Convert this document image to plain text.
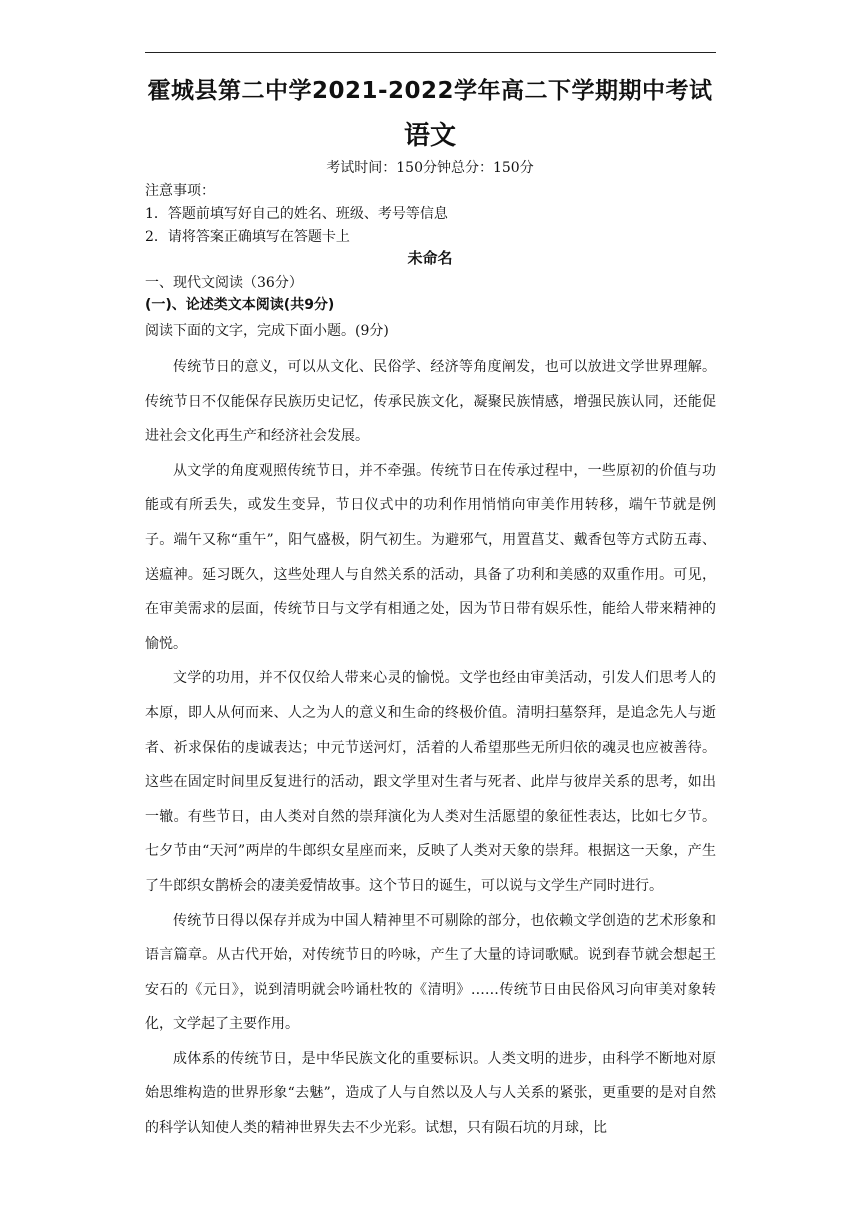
霍城县第二中学2021-2022学年高二下学期期中考试
语文
考试时间：150分钟总分：150分
注意事项：
1．答题前填写好自己的姓名、班级、考号等信息
2．请将答案正确填写在答题卡上
未命名
一、现代文阅读（36分）
(一)、论述类文本阅读(共9分)
阅读下面的文字，完成下面小题。(9分)

传统节日的意义，可以从文化、民俗学、经济等角度阐发，也可以放进文学世界理解。传统节日不仅能保存民族历史记忆，传承民族文化，凝聚民族情感，增强民族认同，还能促进社会文化再生产和经济社会发展。

从文学的角度观照传统节日，并不牵强。传统节日在传承过程中，一些原初的价值与功能或有所丢失，或发生变异，节日仪式中的功利作用悄悄向审美作用转移，端午节就是例子。端午又称“重午”，阳气盛极，阴气初生。为避邪气，用置菖艾、戴香包等方式防五毒、送瘟神。延习既久，这些处理人与自然关系的活动，具备了功利和美感的双重作用。可见，在审美需求的层面，传统节日与文学有相通之处，因为节日带有娱乐性，能给人带来精神的愉悦。

文学的功用，并不仅仅给人带来心灵的愉悦。文学也经由审美活动，引发人们思考人的本原，即人从何而来、人之为人的意义和生命的终极价值。清明扫墓祭拜，是追念先人与逝者、祈求保佑的虔诚表达；中元节送河灯，活着的人希望那些无所归依的魂灵也应被善待。这些在固定时间里反复进行的活动，跟文学里对生者与死者、此岸与彼岸关系的思考，如出一辙。有些节日，由人类对自然的崇拜演化为人类对生活愿望的象征性表达，比如七夕节。七夕节由“天河”两岸的牛郎织女星座而来，反映了人类对天象的崇拜。根据这一天象，产生了牛郎织女鹊桥会的凄美爱情故事。这个节日的诞生，可以说与文学生产同时进行。

传统节日得以保存并成为中国人精神里不可剔除的部分，也依赖文学创造的艺术形象和语言篇章。从古代开始，对传统节日的吟咏，产生了大量的诗词歌赋。说到春节就会想起王安石的《元日》，说到清明就会吟诵杜牧的《清明》……传统节日由民俗风习向审美对象转化，文学起了主要作用。

成体系的传统节日，是中华民族文化的重要标识。人类文明的进步，由科学不断地对原始思维构造的世界形象“去魅”，造成了人与自然以及人与人关系的紧张，更重要的是对自然的科学认知使人类的精神世界失去不少光彩。试想，只有陨石坑的月球，比
